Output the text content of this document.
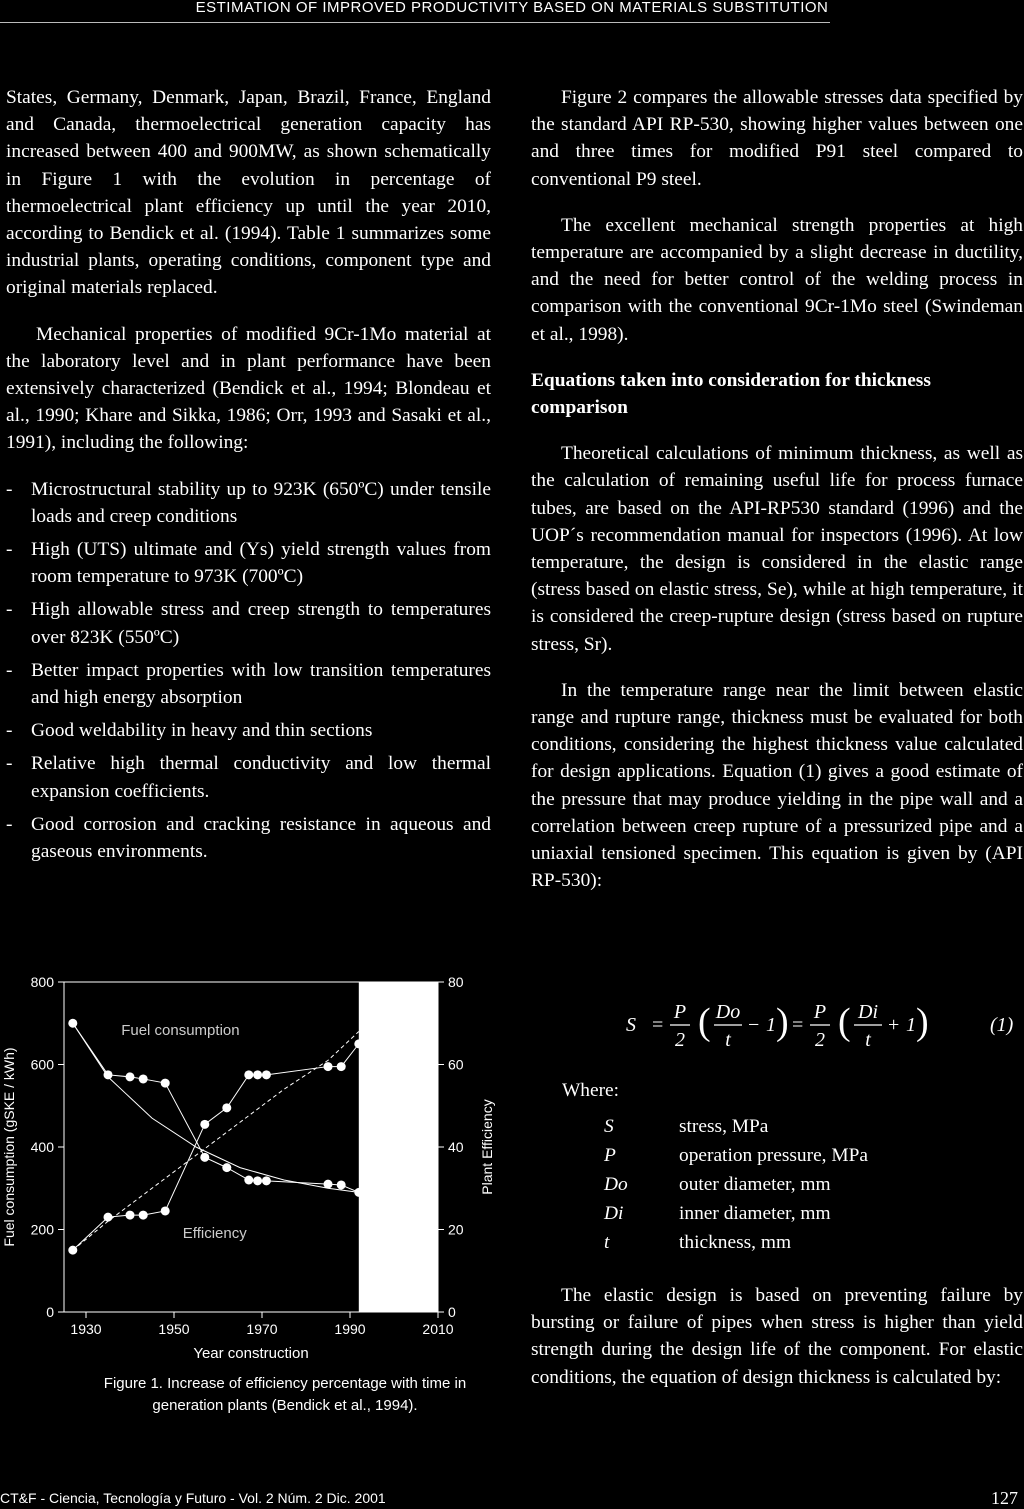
ESTIMATION OF IMPROVED PRODUCTIVITY BASED ON MATERIALS SUBSTITUTION

States, Germany, Denmark, Japan, Brazil, France, England and Canada, thermoelectrical generation capacity has increased between 400 and 900MW, as shown schematically in Figure 1 with the evolution in percentage of thermoelectrical plant efficiency up until the year 2010, according to Bendick et al. (1994). Table 1 summarizes some industrial plants, operating conditions, component type and original materials replaced.

Mechanical properties of modified 9Cr-1Mo material at the laboratory level and in plant performance have been extensively characterized (Bendick et al., 1994; Blondeau et al., 1990; Khare and Sikka, 1986; Orr, 1993 and Sasaki et al., 1991), including the following:

- Microstructural stability up to 923K (650ºC) under tensile loads and creep conditions
- High (UTS) ultimate and (Ys) yield strength values from room temperature to 973K (700ºC)
- High allowable stress and creep strength to temperatures over 823K (550ºC)
- Better impact properties with low transition temperatures and high energy absorption
- Good weldability in heavy and thin sections
- Relative high thermal conductivity and low thermal expansion coefficients.
- Good corrosion and cracking resistance in aqueous and gaseous environments.

Figure 2 compares the allowable stresses data specified by the standard API RP-530, showing higher values between one and three times for modified P91 steel compared to conventional P9 steel.

The excellent mechanical strength properties at high temperature are accompanied by a slight decrease in ductility, and the need for better control of the welding process in comparison with the conventional 9Cr-1Mo steel (Swindeman et al., 1998).

Equations taken into consideration for thickness comparison

Theoretical calculations of minimum thickness, as well as the calculation of remaining useful life for process furnace tubes, are based on the API-RP530 standard (1996) and the UOP´s recommendation manual for inspectors (1996). At low temperature, the design is considered in the elastic range (stress based on elastic stress, Se), while at high temperature, it is considered the creep-rupture design (stress based on rupture stress, Sr).

In the temperature range near the limit between elastic range and rupture range, thickness must be evaluated for both conditions, considering the highest thickness value calculated for design applications. Equation (1) gives a good estimate of the pressure that may produce yielding in the pipe wall and a correlation between creep rupture of a pressurized pipe and a uniaxial tensioned specimen. This equation is given by (API RP-530):

S =
P
2 ( Do
t
− 1 ) =
P
2 ( Di
t
+ 1 )	(1)
Where:
S	stress, MPa
P	operation pressure, MPa
Do	outer diameter, mm
Di	inner diameter, mm
t	thickness, mm

The elastic design is based on preventing failure by bursting or failure of pipes when stress is higher than yield strength during the design life of the component. For elastic conditions, the equation of design thickness is calculated by:

1930	1950	1970	1990	2010
0
200
400
600
800
0
20
40
60
80
Year construction
Fuel consumption (gSKE / kWh)	Plant Efficiency
Fuel consumption
Efficiency
Figure 1. Increase of efficiency percentage with time in
generation plants (Bendick et al., 1994).
CT&F - Ciencia, Tecnología y Futuro - Vol. 2 Núm. 2 Dic. 2001	127
